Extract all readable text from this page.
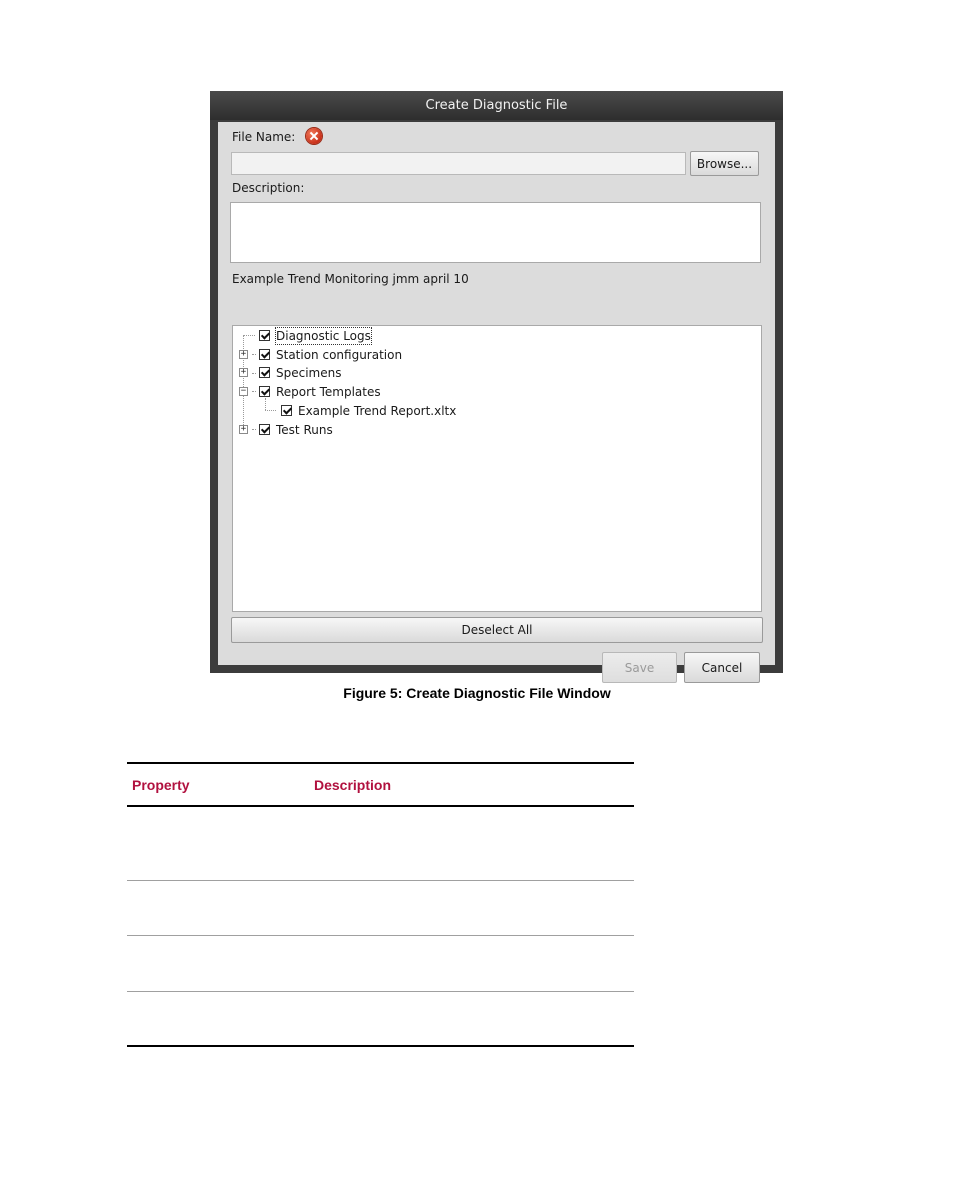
Create Diagnostic File
File Name:
Browse...
Description:
Example Trend Monitoring jmm april 10
Diagnostic Logs
+ Station configuration
+ Specimens
− Report Templates
Example Trend Report.xltx
+ Test Runs
Deselect All
Save	Cancel
Figure 5: Create Diagnostic File Window
Property	Description
